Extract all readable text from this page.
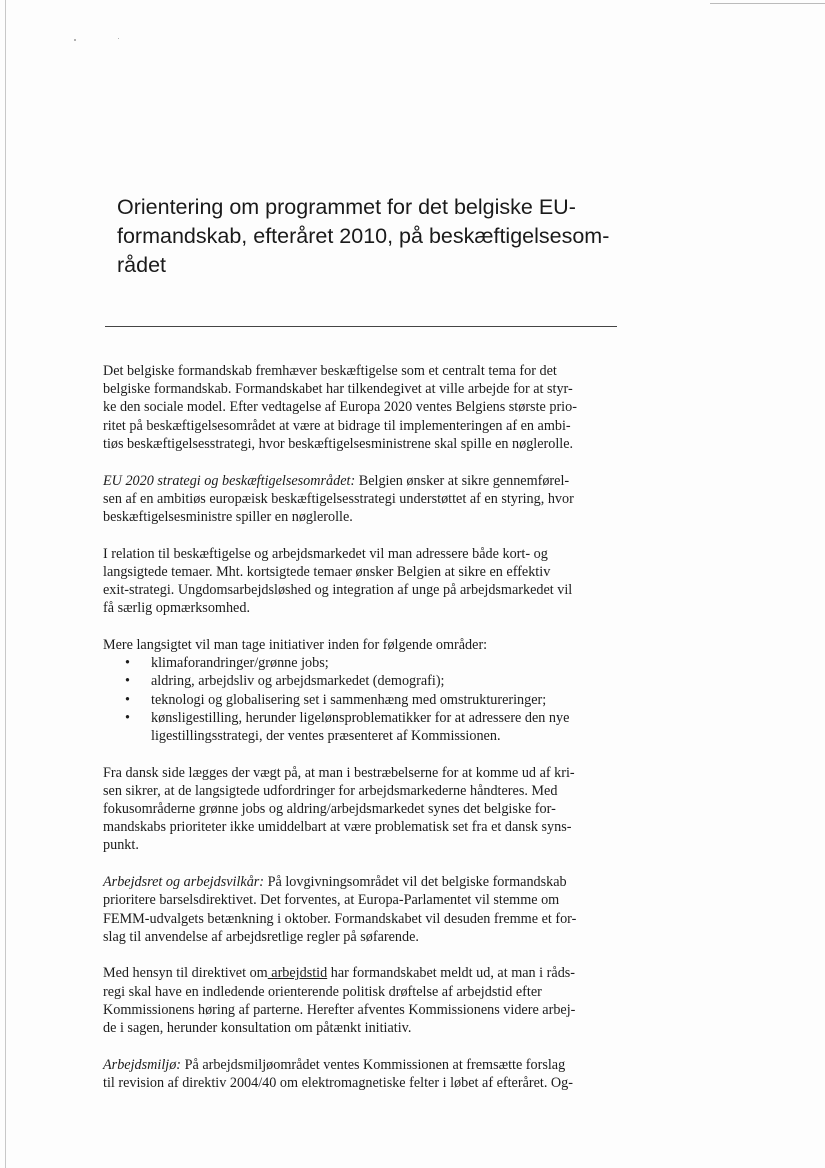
Orientering om programmet for det belgiske EU-
formandskab, efteråret 2010, på beskæftigelsesom-
rådet

Det belgiske formandskab fremhæver beskæftigelse som et centralt tema for det
belgiske formandskab. Formandskabet har tilkendegivet at ville arbejde for at styr-
ke den sociale model. Efter vedtagelse af Europa 2020 ventes Belgiens største prio-
ritet på beskæftigelsesområdet at være at bidrage til implementeringen af en ambi-
tiøs beskæftigelsesstrategi, hvor beskæftigelsesministrene skal spille en nøglerolle.

EU 2020 strategi og beskæftigelsesområdet: Belgien ønsker at sikre gennemførel-
sen af en ambitiøs europæisk beskæftigelsesstrategi understøttet af en styring, hvor
beskæftigelsesministre spiller en nøglerolle.

I relation til beskæftigelse og arbejdsmarkedet vil man adressere både kort- og
langsigtede temaer. Mht. kortsigtede temaer ønsker Belgien at sikre en effektiv
exit-strategi. Ungdomsarbejdsløshed og integration af unge på arbejdsmarkedet vil
få særlig opmærksomhed.

Mere langsigtet vil man tage initiativer inden for følgende områder:
• klimaforandringer/grønne jobs;
• aldring, arbejdsliv og arbejdsmarkedet (demografi);
• teknologi og globalisering set i sammenhæng med omstruktureringer;
• kønsligestilling, herunder ligelønsproblematikker for at adressere den nye
ligestillingsstrategi, der ventes præsenteret af Kommissionen.

Fra dansk side lægges der vægt på, at man i bestræbelserne for at komme ud af kri-
sen sikrer, at de langsigtede udfordringer for arbejdsmarkederne håndteres. Med
fokusområderne grønne jobs og aldring/arbejdsmarkedet synes det belgiske for-
mandskabs prioriteter ikke umiddelbart at være problematisk set fra et dansk syns-
punkt.

Arbejdsret og arbejdsvilkår: På lovgivningsområdet vil det belgiske formandskab
prioritere barselsdirektivet. Det forventes, at Europa-Parlamentet vil stemme om
FEMM-udvalgets betænkning i oktober. Formandskabet vil desuden fremme et for-
slag til anvendelse af arbejdsretlige regler på søfarende.

Med hensyn til direktivet om arbejdstid har formandskabet meldt ud, at man i råds-
regi skal have en indledende orienterende politisk drøftelse af arbejdstid efter
Kommissionens høring af parterne. Herefter afventes Kommissionens videre arbej-
de i sagen, herunder konsultation om påtænkt initiativ.

Arbejdsmiljø: På arbejdsmiljøområdet ventes Kommissionen at fremsætte forslag
til revision af direktiv 2004/40 om elektromagnetiske felter i løbet af efteråret. Og-
